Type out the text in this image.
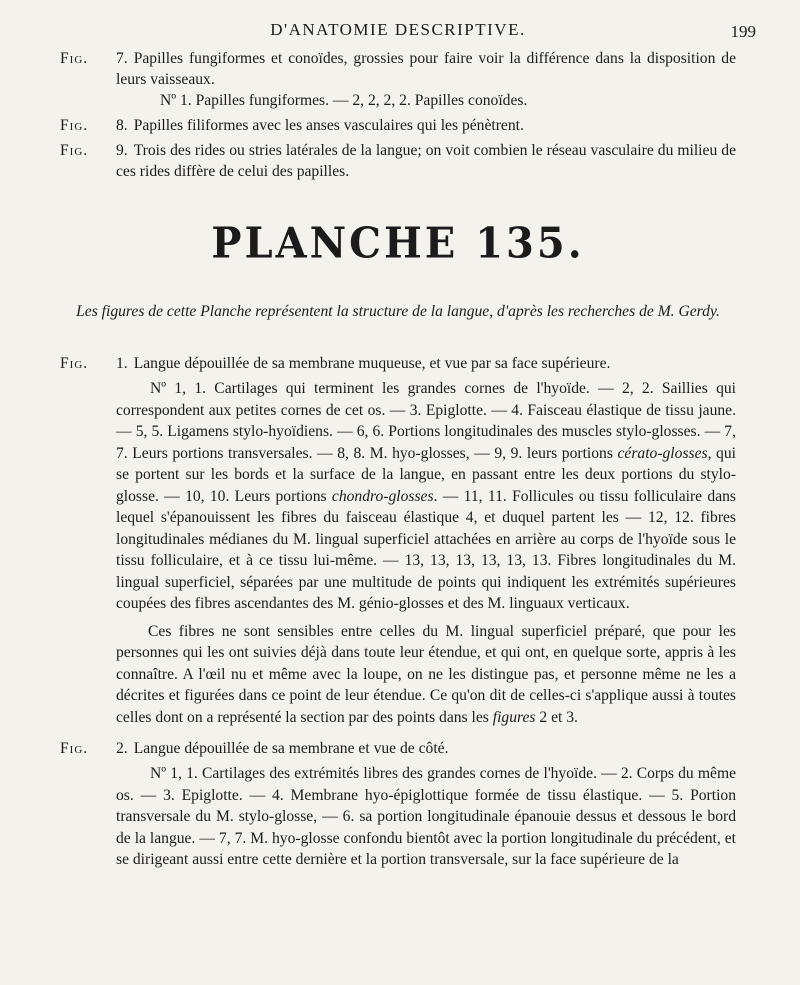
D'ANATOMIE DESCRIPTIVE.	199
Fig. 7. Papilles fungiformes et conoïdes, grossies pour faire voir la différence dans la disposition de leurs vaisseaux.
Nº 1. Papilles fungiformes. — 2, 2, 2, 2. Papilles conoïdes.
Fig. 8. Papilles filiformes avec les anses vasculaires qui les pénètrent.
Fig. 9. Trois des rides ou stries latérales de la langue; on voit combien le réseau vasculaire du milieu de ces rides diffère de celui des papilles.
PLANCHE 135.
Les figures de cette Planche représentent la structure de la langue, d'après les recherches de M. Gerdy.
Fig. 1. Langue dépouillée de sa membrane muqueuse, et vue par sa face supérieure.
Nº 1, 1. Cartilages qui terminent les grandes cornes de l'hyoïde. — 2, 2. Saillies qui correspondent aux petites cornes de cet os. — 3. Epiglotte. — 4. Faisceau élastique de tissu jaune. — 5, 5. Ligamens stylo-hyoïdiens. — 6, 6. Portions longitudinales des muscles stylo-glosses. — 7, 7. Leurs portions transversales. — 8, 8. M. hyo-glosses, — 9, 9. leurs portions cérato-glosses, qui se portent sur les bords et la surface de la langue, en passant entre les deux portions du stylo-glosse. — 10, 10. Leurs portions chondro-glosses. — 11, 11. Follicules ou tissu folliculaire dans lequel s'épanouissent les fibres du faisceau élastique 4, et duquel partent les — 12, 12. fibres longitudinales médianes du M. lingual superficiel attachées en arrière au corps de l'hyoïde sous le tissu folliculaire, et à ce tissu lui-même. — 13, 13, 13, 13, 13, 13. Fibres longitudinales du M. lingual superficiel, séparées par une multitude de points qui indiquent les extrémités supérieures coupées des fibres ascendantes des M. génio-glosses et des M. linguaux verticaux.
Ces fibres ne sont sensibles entre celles du M. lingual superficiel préparé, que pour les personnes qui les ont suivies déjà dans toute leur étendue, et qui ont, en quelque sorte, appris à les connaître. A l'œil nu et même avec la loupe, on ne les distingue pas, et personne même ne les a décrites et figurées dans ce point de leur étendue. Ce qu'on dit de celles-ci s'applique aussi à toutes celles dont on a représenté la section par des points dans les figures 2 et 3.
Fig. 2. Langue dépouillée de sa membrane et vue de côté.
Nº 1, 1. Cartilages des extrémités libres des grandes cornes de l'hyoïde. — 2. Corps du même os. — 3. Epiglotte. — 4. Membrane hyo-épiglottique formée de tissu élastique. — 5. Portion transversale du M. stylo-glosse, — 6. sa portion longitudinale épanouie dessus et dessous le bord de la langue. — 7, 7. M. hyo-glosse confondu bientôt avec la portion longitudinale du précédent, et se dirigeant aussi entre cette dernière et la portion transversale, sur la face supérieure de la
